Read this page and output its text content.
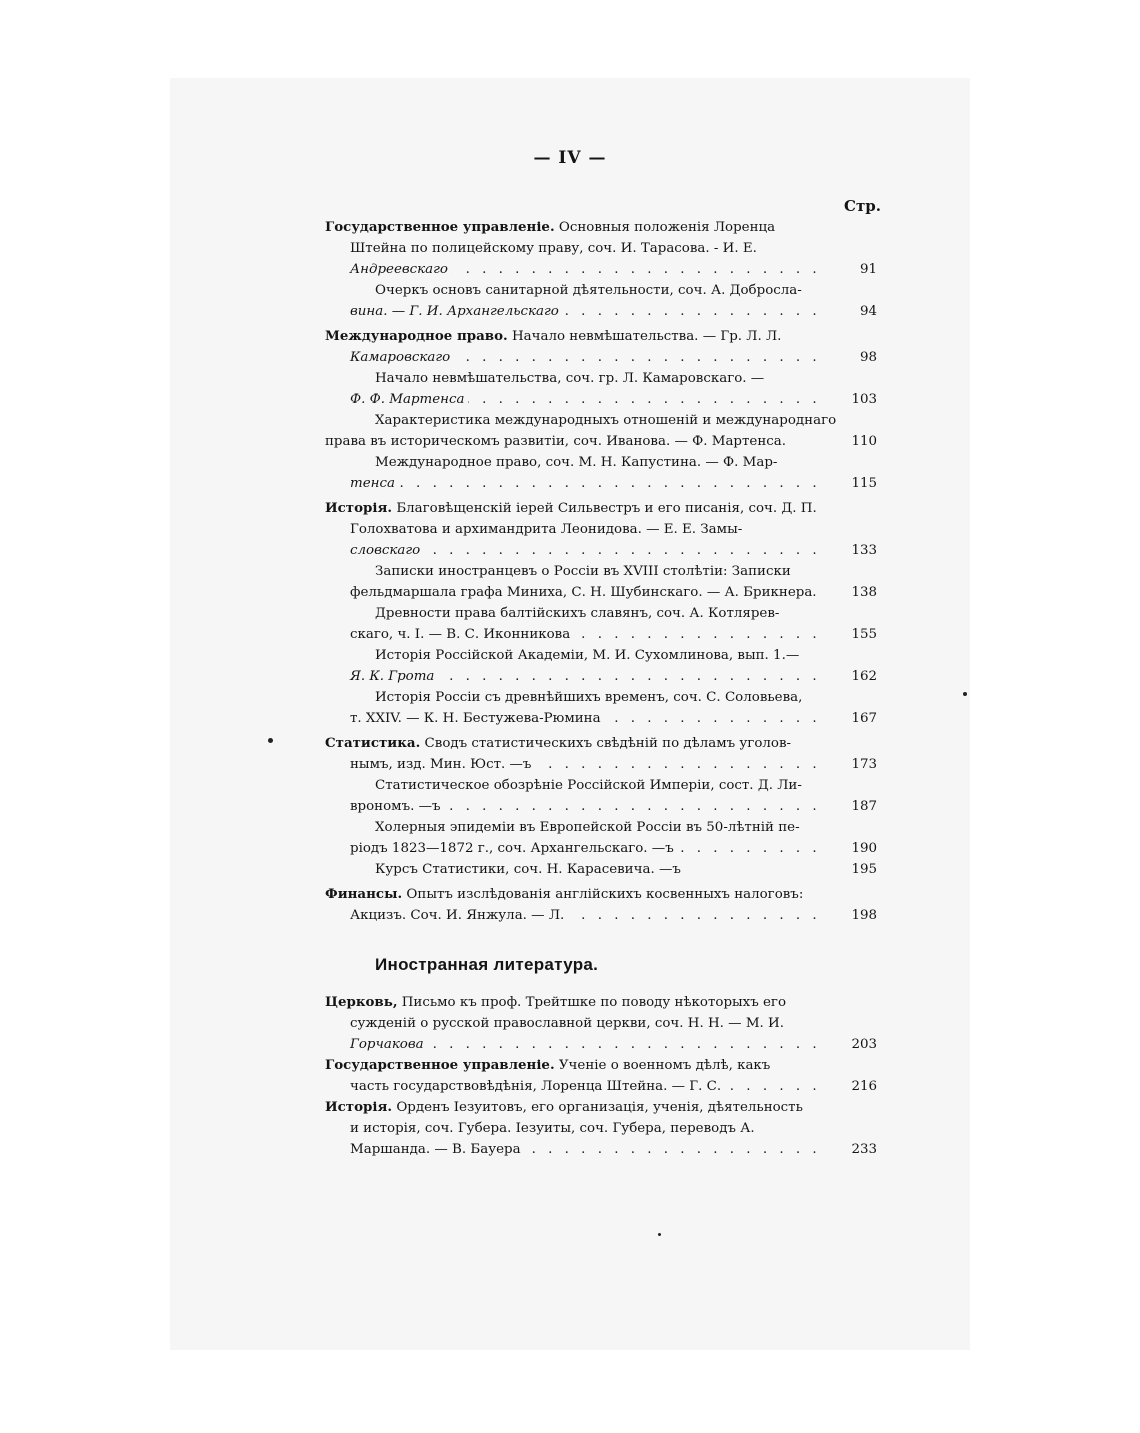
— IV —
Стр.
Государственное управленіе. Основныя положенія Лоренца
Штейна по полицейскому праву, соч. И. Тарасова. - И. Е.
. . . Андреевскаго	91
Очеркъ основъ санитарной дѣятельности, соч. А. Добросла-
. . . вина. — Г. И. Архангельскаго	94
Международное право. Начало невмѣшательства. — Гр. Л. Л.
. . . Камаровскаго	98
Начало невмѣшательства, соч. гр. Л. Камаровскаго. —
. . . Ф. Ф. Мартенса	103
Характеристика международныхъ отношеній и международнаго
права въ историческомъ развитіи, соч. Иванова. — Ф. Мартенса.	110
Международное право, соч. М. Н. Капустина. — Ф. Мар-
. . . тенса	115
Исторія. Благовѣщенскій іерей Сильвестръ и его писанія, соч. Д. П.
Голохватова и архимандрита Леонидова. — Е. Е. Замы-
. . . словскаго	133
Записки иностранцевъ о Россіи въ XVIII столѣтіи: Записки
фельдмаршала графа Миниха, С. Н. Шубинскаго. — А. Брикнера.	138
Древности права балтійскихъ славянъ, соч. А. Котлярев-
. . . скаго, ч. I. — В. С. Иконникова	155
Исторія Россійской Академіи, М. И. Сухомлинова, вып. 1.—
. . . Я. К. Грота	162
Исторія Россіи съ древнѣйшихъ временъ, соч. С. Соловьева,
. . . т. XXIV. — К. Н. Бестужева-Рюмина	167
Статистика. Сводъ статистическихъ свѣдѣній по дѣламъ уголов-
. . . нымъ, изд. Мин. Юст. —ъ	173
Статистическое обозрѣніе Россійской Имперіи, сост. Д. Ли-
. . . врономъ. —ъ	187
Холерныя эпидеміи въ Европейской Россіи въ 50-лѣтній пе-
. . . ріодъ 1823—1872 г., соч. Архангельскаго. —ъ	190
Курсъ Статистики, соч. Н. Карасевича. —ъ	195
Финансы. Опытъ изслѣдованія англійскихъ косвенныхъ налоговъ:
. . . Акцизъ. Соч. И. Янжула. — Л.	198
Иностранная литература.
Церковь, Письмо къ проф. Трейтшке по поводу нѣкоторыхъ его
сужденій о русской православной церкви, соч. Н. Н. — М. И.
. . . Горчакова	203
Государственное управленіе. Ученіе о военномъ дѣлѣ, какъ
. . . часть государствовѣдѣнія, Лоренца Штейна. — Г. С.	216
Исторія. Орденъ Іезуитовъ, его организація, ученія, дѣятельность
и исторія, соч. Губера. Іезуиты, соч. Губера, переводъ А.
. . . Маршанда. — В. Бауера	233
